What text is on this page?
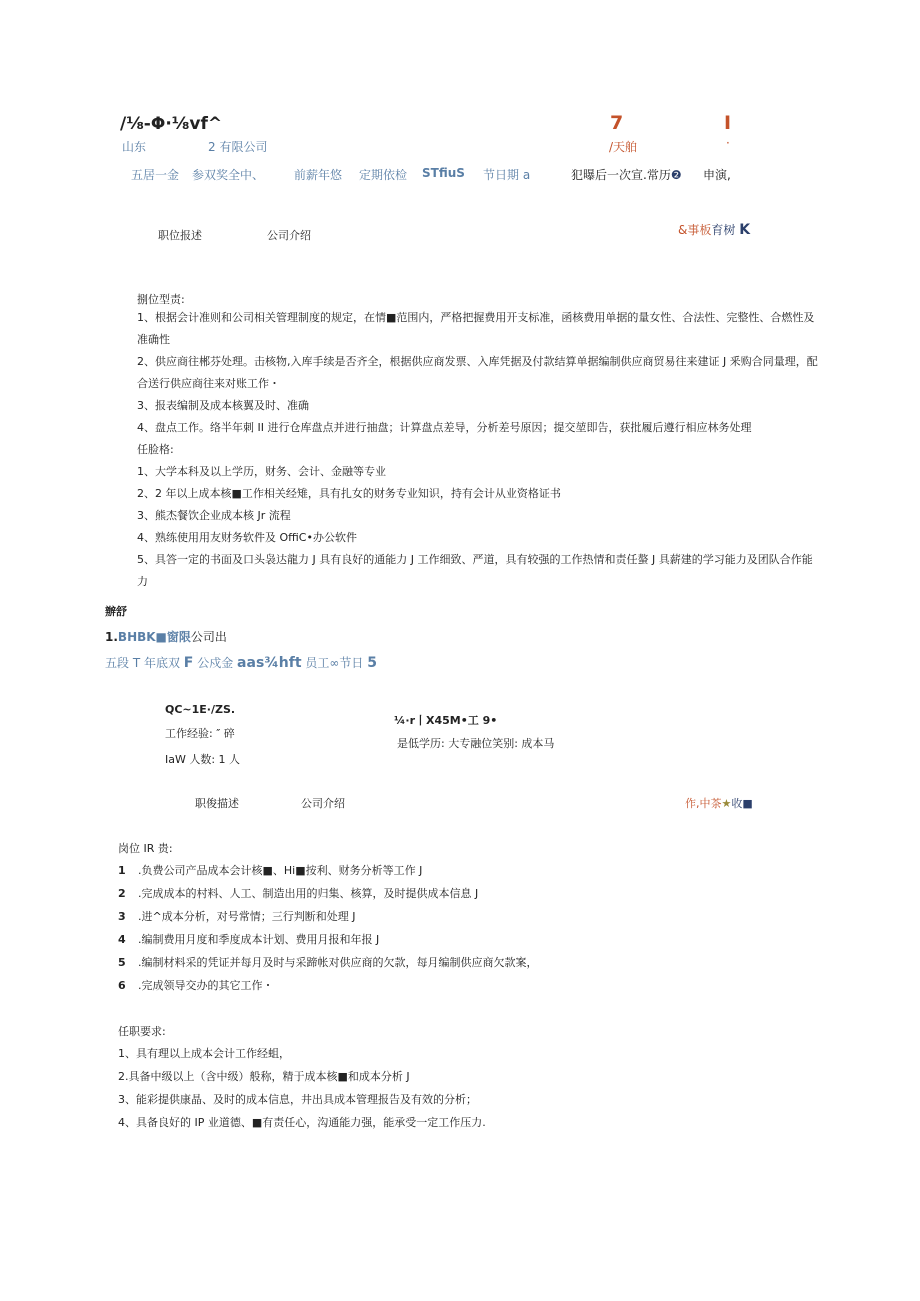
/⅛-Φ·⅛vf^	7	I
山东	2 有限公司	/天舶	·
五居一金 参双奖全中、 前薪年悠 定期依检 STfiuS 节日期 a	犯曝后一次宣.常历❷ 申演,
职位报述	公司介绍	&事板育树 K
捌位型责:
1、根据会计准则和公司相关管理制度的规定，在情■范围内，严格把握费用开支标准，函核费用单据的量女性、合法性、完整性、合燃性及
准确性
2、供应商往郴芬处理。击核物,入库手续是否齐全，根据供应商发票、入库凭据及付款结算单据编制供应商贸易往来建证 J 釆购合同量理，配
合送行供应商往来对账工作・
3、报表编制及成本核翼及时、准确
4、盘点工作。络半年刺 II 进行仓库盘点并进行抽盘；计算盘点差导，分析差号原因；提交堃即告，获批履后遵行相应林务处理
任脸格:
1、大学本科及以上学历，财务、会计、金融等专业
2、2 年以上成本核■工作相关经雉，具有扎女的财务专业知识，持有会计从业资格证书
3、熊杰餐饮企业成本核 Jr 流程
4、熟练使用用友财务软件及 OffiC•办公软件
5、具答一定的书面及口头袅达龍力 J 具有良好的通能力 J 工作细致、严道，具有较强的工作热情和责任螯 J 具薪建的学习能力及团队合作能
力
辦舒
1.BHBK■窗限公司出
五段 T 年底双 F 公戍金 aas¾hft 员工∞节日 5
QC~1E·/ZS.
工作经验: ″ 碎
IaW 人数: 1 人
¼·r丨X45M•工 9•
是低学历: 大专融位笑别: 成本马
职俊描述	公司介绍	作,中茶★收■
岗位 IR 贵:
1 .负费公司产品成本会计核■、Hi■按利、财务分析等工作 J
2 .完成成本的村料、人工、制造出用的归集、核算，及时提供成本信息 J
3 .进^成本分析，对号常情；三行判断和处理 J
4 .编制费用月度和季度成本计划、费用月报和年报 J
5 .编制材料采的凭证并每月及时与采蹄帐对供应商的欠款，每月编制供应商欠款案，
6 .完成领导交办的其它工作・
任职要求:
1、具有理以上成本会计工作经蛆，
2.具备中级以上（含中级）般称，精于成本核■和成本分析 J
3、能彩提供康晶、及时的成本信息，井出具成本管理报告及有效的分析；
4、具备良好的 IP 业道德、■有责任心，沟通能力强，能承受一定工作压力.
